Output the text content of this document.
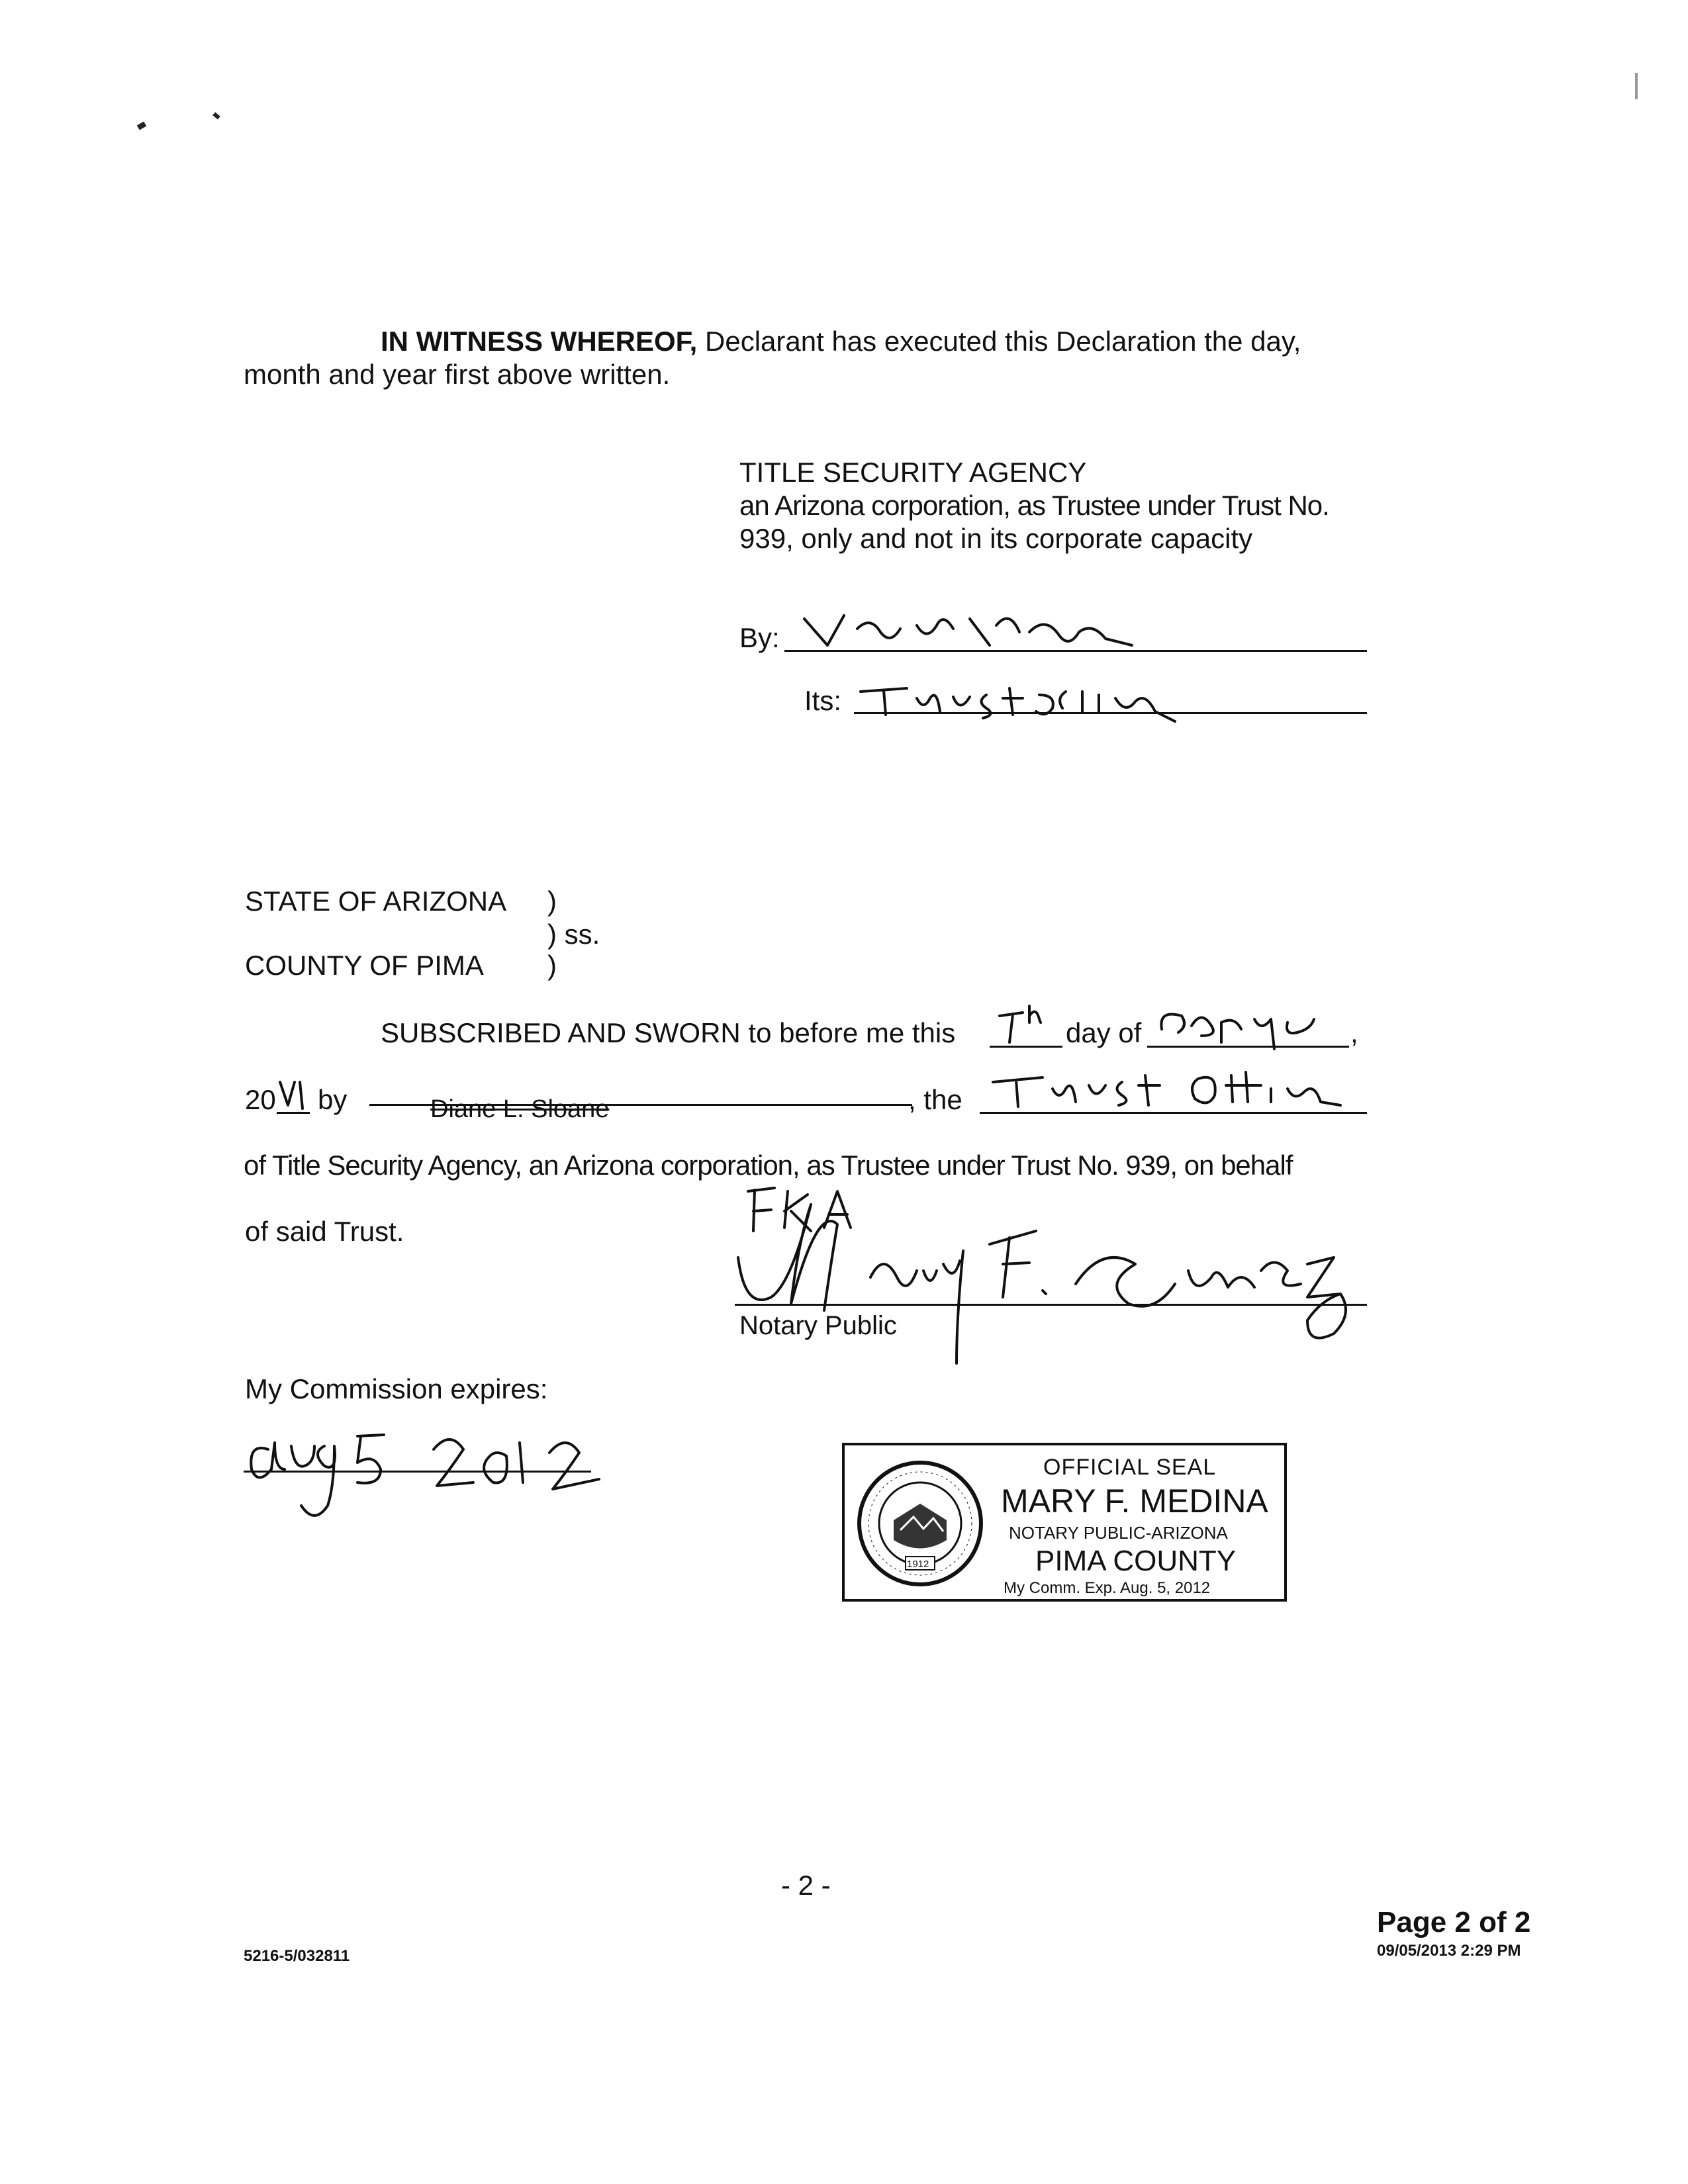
IN WITNESS WHEREOF, Declarant has executed this Declaration the day,
month and year first above written.
TITLE SECURITY AGENCY
an Arizona corporation, as Trustee under Trust No.
939, only and not in its corporate capacity
By:
Its:
STATE OF ARIZONA )
) ss.
COUNTY OF PIMA )
SUBSCRIBED AND SWORN to before me this	day of	,
20 by	Diane L. Sloane	, the
of Title Security Agency, an Arizona corporation, as Trustee under Trust No. 939, on behalf
of said Trust.
Notary Public
My Commission expires:
1912
OFFICIAL SEAL
MARY F. MEDINA
NOTARY PUBLIC-ARIZONA
PIMA COUNTY
My Comm. Exp. Aug. 5, 2012
- 2 -
5216-5/032811
Page 2 of 2
09/05/2013 2:29 PM
